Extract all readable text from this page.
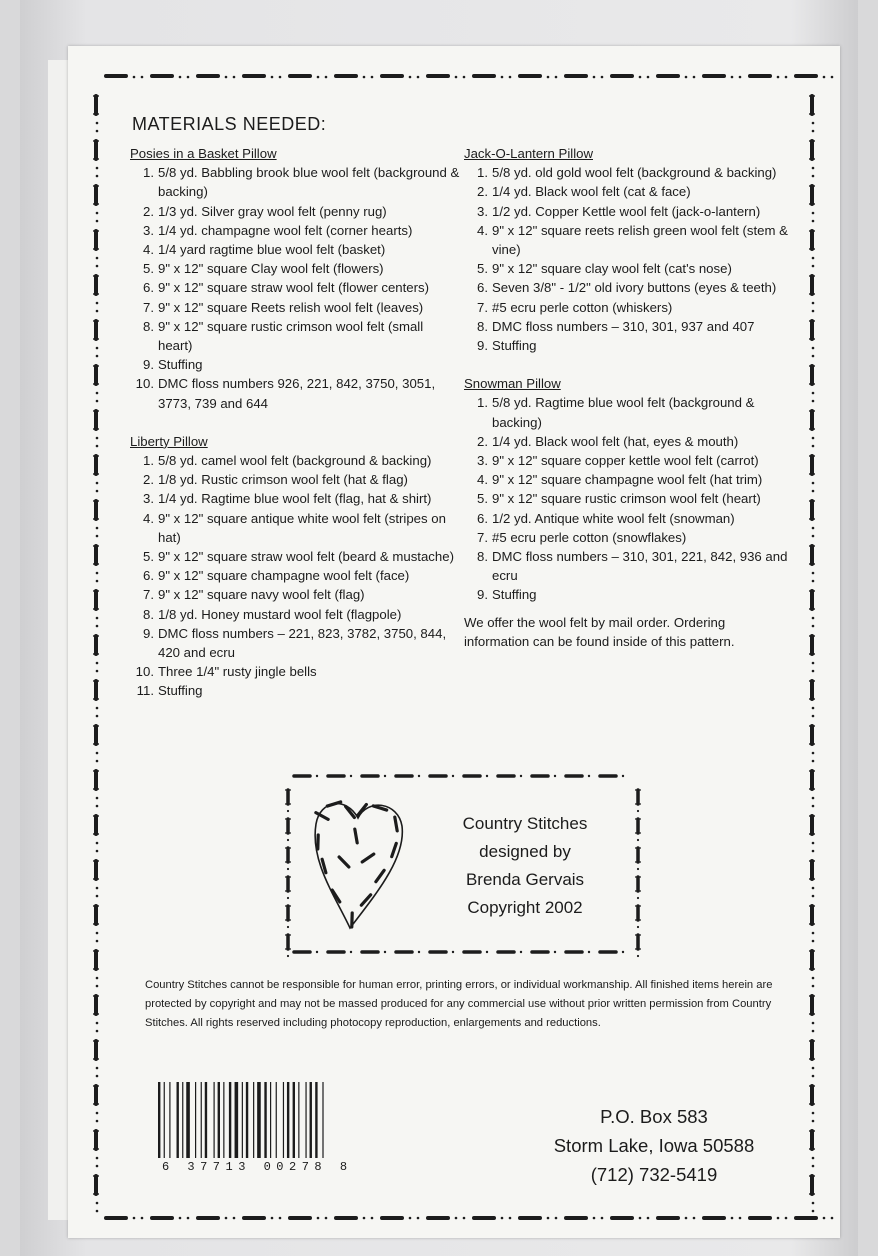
MATERIALS NEEDED:
Posies in a Basket Pillow
1. 5/8 yd. Babbling brook blue wool felt (background & backing)
2. 1/3 yd. Silver gray wool felt (penny rug)
3. 1/4 yd. champagne wool felt (corner hearts)
4. 1/4 yard ragtime blue wool felt (basket)
5. 9" x 12" square Clay wool felt (flowers)
6. 9" x 12" square straw wool felt (flower centers)
7. 9" x 12" square Reets relish wool felt (leaves)
8. 9" x 12" square rustic crimson wool felt (small heart)
9. Stuffing
10. DMC floss numbers 926, 221, 842, 3750, 3051, 3773, 739 and 644
Liberty Pillow
1. 5/8 yd. camel wool felt (background & backing)
2. 1/8 yd. Rustic crimson wool felt (hat & flag)
3. 1/4 yd. Ragtime blue wool felt (flag, hat & shirt)
4. 9" x 12" square antique white wool felt (stripes on hat)
5. 9" x 12" square straw wool felt (beard & mustache)
6. 9" x 12" square champagne wool felt (face)
7. 9" x 12" square navy wool felt (flag)
8. 1/8 yd. Honey mustard wool felt (flagpole)
9. DMC floss numbers – 221, 823, 3782, 3750, 844, 420 and ecru
10. Three 1/4" rusty jingle bells
11. Stuffing
Jack-O-Lantern Pillow
1. 5/8 yd. old gold wool felt (background & backing)
2. 1/4 yd. Black wool felt (cat & face)
3. 1/2 yd. Copper Kettle wool felt (jack-o-lantern)
4. 9" x 12" square reets relish green wool felt (stem & vine)
5. 9" x 12" square clay wool felt (cat's nose)
6. Seven 3/8" - 1/2" old ivory buttons (eyes & teeth)
7. #5 ecru perle cotton (whiskers)
8. DMC floss numbers – 310, 301, 937 and 407
9. Stuffing
Snowman Pillow
1. 5/8 yd. Ragtime blue wool felt (background & backing)
2. 1/4 yd. Black wool felt (hat, eyes & mouth)
3. 9" x 12" square copper kettle wool felt (carrot)
4. 9" x 12" square champagne wool felt (hat trim)
5. 9" x 12" square rustic crimson wool felt (heart)
6. 1/2 yd. Antique white wool felt (snowman)
7. #5 ecru perle cotton (snowflakes)
8. DMC floss numbers – 310, 301, 221, 842, 936 and ecru
9. Stuffing
We offer the wool felt by mail order. Ordering information can be found inside of this pattern.
Country Stitches
designed by
Brenda Gervais
Copyright 2002
Country Stitches cannot be responsible for human error, printing errors, or individual workmanship. All finished items herein are protected by copyright and may not be massed produced for any commercial use without prior written permission from Country Stitches. All rights reserved including photocopy reproduction, enlargements and reductions.
6 37713 00278 8
P.O. Box 583
Storm Lake, Iowa 50588
(712) 732-5419
